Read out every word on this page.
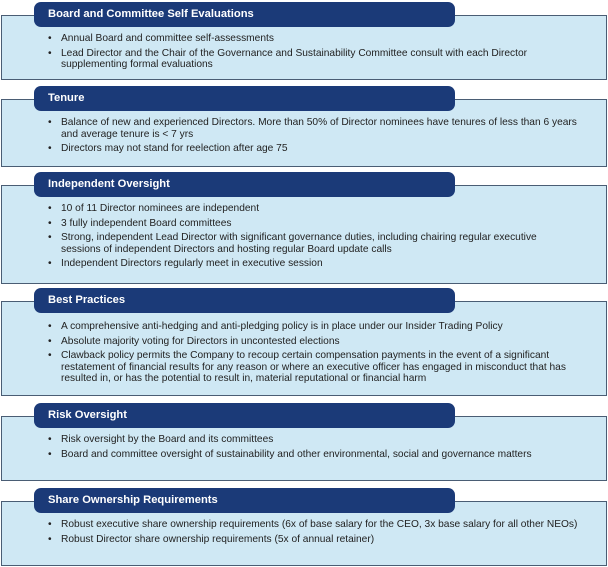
Board and Committee Self Evaluations
• Annual Board and committee self-assessments
• Lead Director and the Chair of the Governance and Sustainability Committee consult with each Director supplementing formal evaluations
Tenure
• Balance of new and experienced Directors. More than 50% of Director nominees have tenures of less than 6 years and average tenure is < 7 yrs
• Directors may not stand for reelection after age 75
Independent Oversight
• 10 of 11 Director nominees are independent
• 3 fully independent Board committees
• Strong, independent Lead Director with significant governance duties, including chairing regular executive sessions of independent Directors and hosting regular Board update calls
• Independent Directors regularly meet in executive session
Best Practices
• A comprehensive anti-hedging and anti-pledging policy is in place under our Insider Trading Policy
• Absolute majority voting for Directors in uncontested elections
• Clawback policy permits the Company to recoup certain compensation payments in the event of a significant restatement of financial results for any reason or where an executive officer has engaged in misconduct that has resulted in, or has the potential to result in, material reputational or financial harm
Risk Oversight
• Risk oversight by the Board and its committees
• Board and committee oversight of sustainability and other environmental, social and governance matters
Share Ownership Requirements
• Robust executive share ownership requirements (6x of base salary for the CEO, 3x base salary for all other NEOs)
• Robust Director share ownership requirements (5x of annual retainer)
